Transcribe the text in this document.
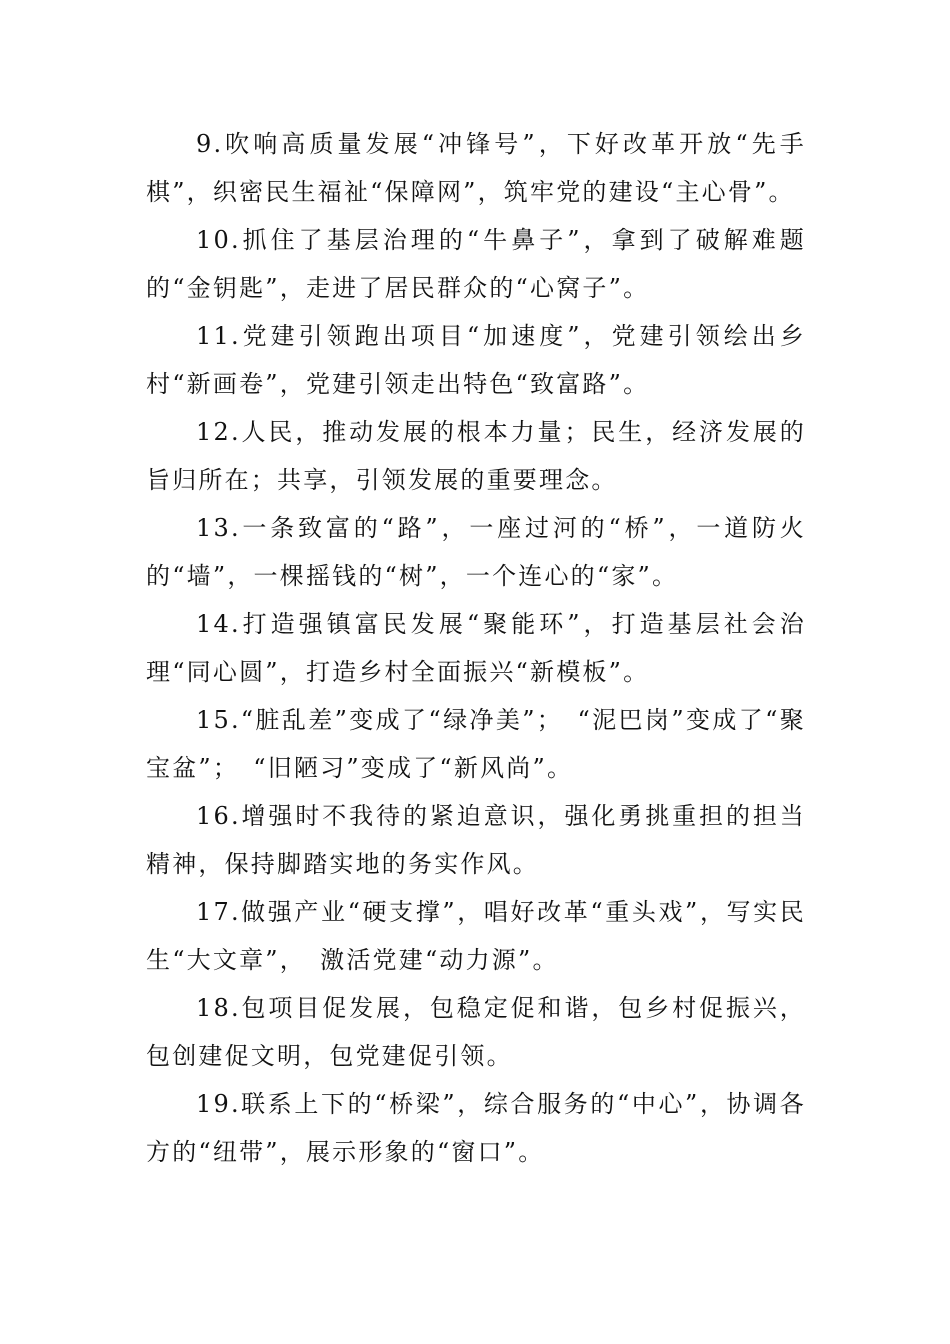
9.吹响高质量发展“冲锋号”，下好改革开放“先手棋”，织密民生福祉“保障网”，筑牢党的建设“主心骨”。

10.抓住了基层治理的“牛鼻子”，拿到了破解难题的“金钥匙”，走进了居民群众的“心窝子”。

11.党建引领跑出项目“加速度”，党建引领绘出乡村“新画卷”，党建引领走出特色“致富路”。

12.人民，推动发展的根本力量；民生，经济发展的旨归所在；共享，引领发展的重要理念。

13.一条致富的“路”，一座过河的“桥”，一道防火的“墙”，一棵摇钱的“树”，一个连心的“家”。

14.打造强镇富民发展“聚能环”，打造基层社会治理“同心圆”，打造乡村全面振兴“新模板”。

15.“脏乱差”变成了“绿净美”；　“泥巴岗”变成了“聚宝盆”；　“旧陋习”变成了“新风尚”。

16.增强时不我待的紧迫意识，强化勇挑重担的担当精神，保持脚踏实地的务实作风。

17.做强产业“硬支撑”，唱好改革“重头戏”，写实民生“大文章”，　激活党建“动力源”。

18.包项目促发展，包稳定促和谐，包乡村促振兴，包创建促文明，包党建促引领。

19.联系上下的“桥梁”，综合服务的“中心”，协调各方的“纽带”，展示形象的“窗口”。
